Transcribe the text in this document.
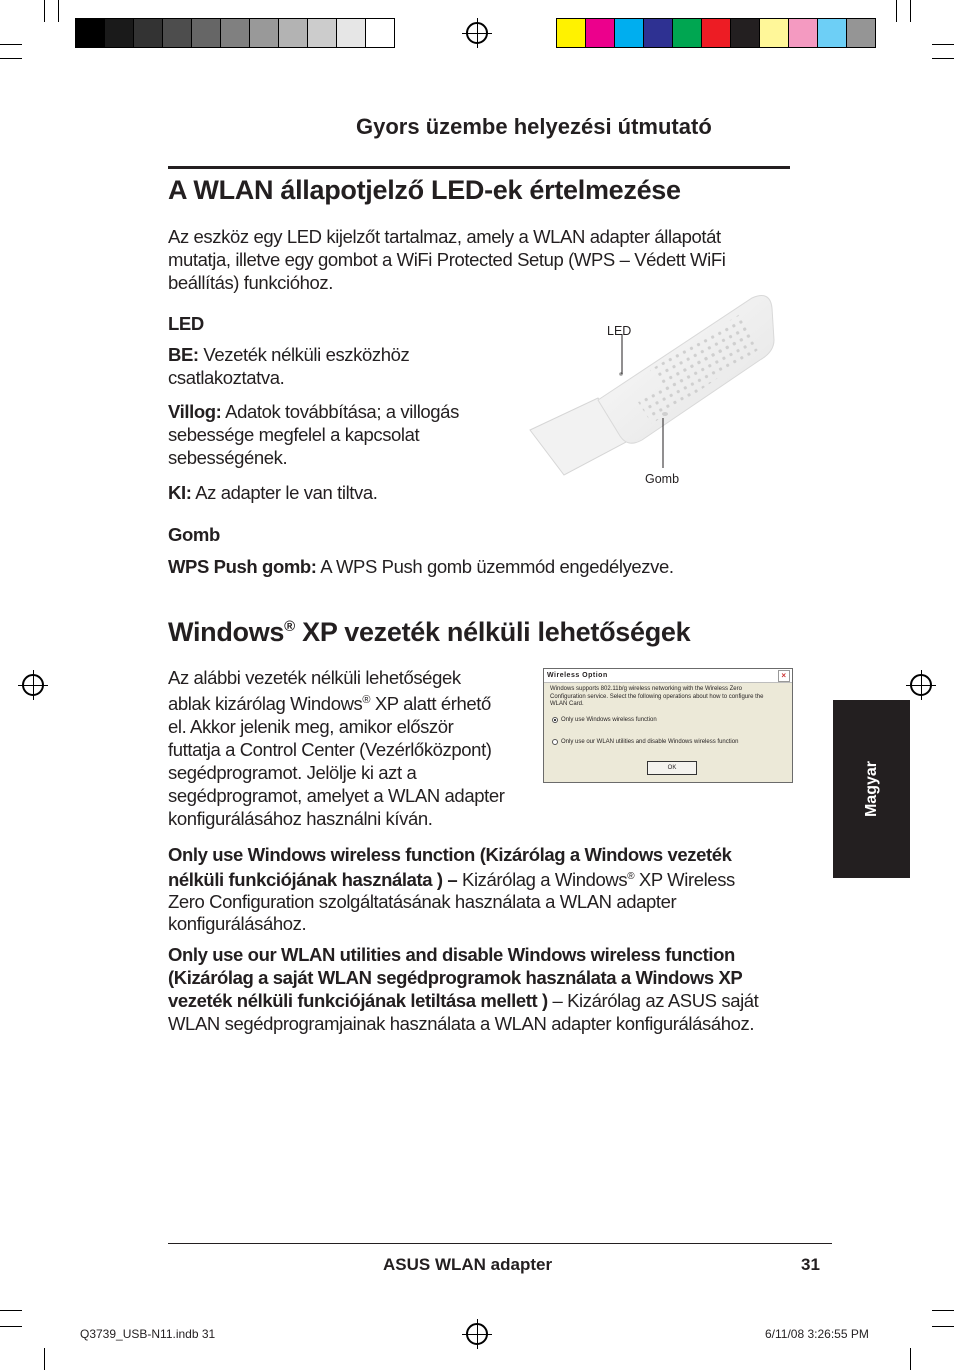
Gyors üzembe helyezési útmutató
A WLAN állapotjelző LED-ek értelmezése
Az eszköz egy LED kijelzőt tartalmaz, amely a WLAN adapter állapotát
mutatja, illetve egy gombot a WiFi Protected Setup (WPS – Védett WiFi
beállítás) funkcióhoz.
LED
BE: Vezeték nélküli eszközhöz
csatlakoztatva.
Villog: Adatok továbbítása; a villogás
sebessége megfelel a kapcsolat
sebességének.
KI: Az adapter le van tiltva.
Gomb
WPS Push gomb: A WPS Push gomb üzemmód engedélyezve.
LED
Gomb
Windows® XP vezeték nélküli lehetőségek
Az alábbi vezeték nélküli lehetőségek
ablak kizárólag Windows® XP alatt érhető
el. Akkor jelenik meg, amikor először
futtatja a Control Center (Vezérlőközpont)
segédprogramot. Jelölje ki azt a
segédprogramot, amelyet a WLAN adapter
konfigurálásához használni kíván.
Wireless Option	×
Windows supports 802.11b/g wireless networking with the Wireless Zero Configuration service. Select the following operations about how to configure the WLAN Card.
Only use Windows wireless function
Only use our WLAN utilities and disable Windows wireless function
OK
Only use Windows wireless function (Kizárólag a Windows vezeték
nélküli funkciójának használata ) – Kizárólag a Windows® XP Wireless
Zero Configuration szolgáltatásának használata a WLAN adapter
konfigurálásához.
Only use our WLAN utilities and disable Windows wireless function
(Kizárólag a saját WLAN segédprogramok használata a Windows XP
vezeték nélküli funkciójának letiltása mellett ) – Kizárólag az ASUS saját
WLAN segédprogramjainak használata a WLAN adapter konfigurálásához.
Magyar
ASUS WLAN adapter	31
Q3739_USB-N11.indb 31	6/11/08 3:26:55 PM
